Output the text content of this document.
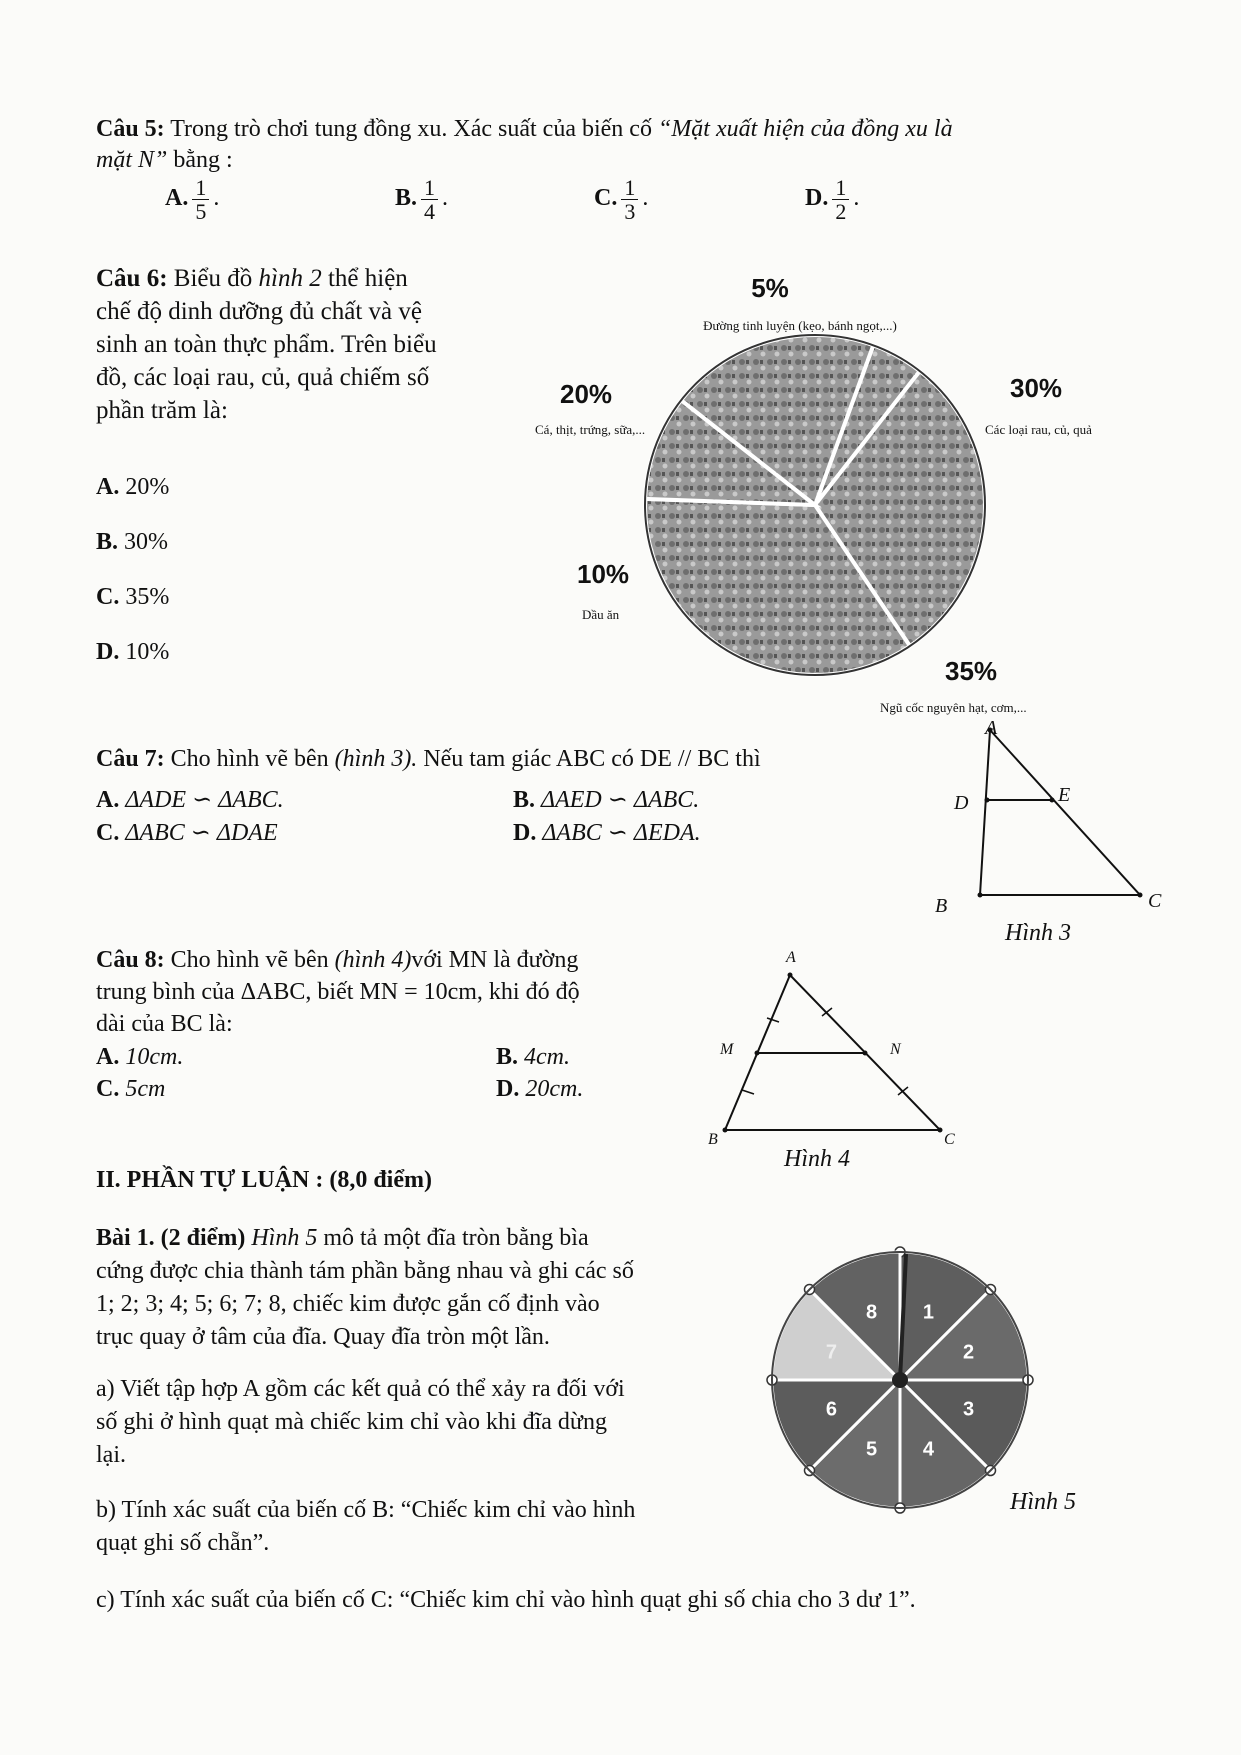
Câu 5: Trong trò chơi tung đồng xu. Xác suất của biến cố “Mặt xuất hiện của đồng xu là
mặt N” bằng :
A. $\frac{1}{5}$ .	B. $\frac{1}{4}$ .	C. $\frac{1}{3}$ .	D. $\frac{1}{2}$ .
Câu 6: Biểu đồ hình 2 thể hiện
chế độ dinh dưỡng đủ chất và vệ
sinh an toàn thực phẩm. Trên biểu
đồ, các loại rau, củ, quả chiếm số
phần trăm là:
A. 20%
B. 30%
C. 35%
D. 10%
5%
Đường tinh luyện (kẹo, bánh ngọt,...)
30%
Các loại rau, củ, quả
35%
Ngũ cốc nguyên hạt, cơm,...
10%
Dầu ăn
20%
Cá, thịt, trứng, sữa,...
Câu 7: Cho hình vẽ bên (hình 3). Nếu tam giác ABC có DE // BC thì
A. ΔADE ∽ ΔABC.	B. ΔAED ∽ ΔABC.
C. ΔABC ∽ ΔDAE	D. ΔABC ∽ ΔEDA.
A
D	E
B	C
Hình 3
Câu 8: Cho hình vẽ bên (hình 4)với MN là đường
trung bình của ΔABC, biết MN = 10cm, khi đó độ
dài của BC là:
A. 10cm.	B. 4cm.
C. 5cm	D. 20cm.
A
M	N
B	C
Hình 4
II. PHẦN TỰ LUẬN : (8,0 điểm)
Bài 1. (2 điểm) Hình 5 mô tả một đĩa tròn bằng bìa
cứng được chia thành tám phần bằng nhau và ghi các số
1; 2; 3; 4; 5; 6; 7; 8, chiếc kim được gắn cố định vào
trục quay ở tâm của đĩa. Quay đĩa tròn một lần.
a) Viết tập hợp A gồm các kết quả có thể xảy ra đối với
số ghi ở hình quạt mà chiếc kim chỉ vào khi đĩa dừng
lại.
b) Tính xác suất của biến cố B: “Chiếc kim chỉ vào hình
quạt ghi số chẵn”.
c) Tính xác suất của biến cố C: “Chiếc kim chỉ vào hình quạt ghi số chia cho 3 dư 1”.
1
2
3
4
5
6
7
8
Hình 5
